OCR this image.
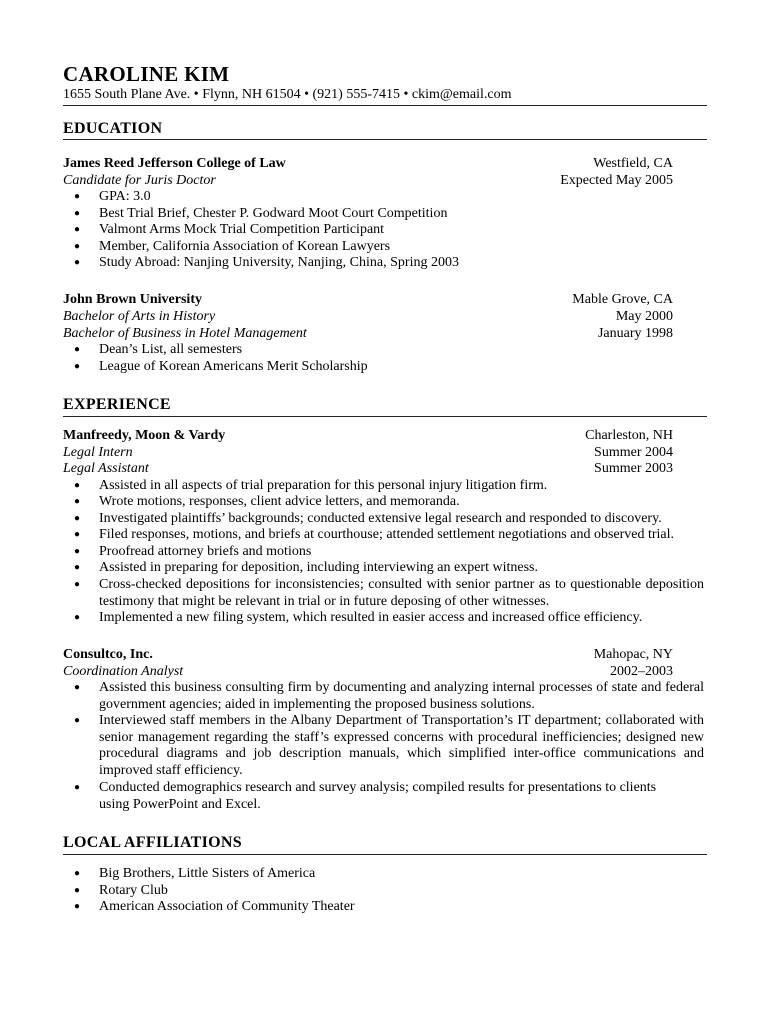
CAROLINE KIM
1655 South Plane Ave. • Flynn, NH 61504 • (921) 555-7415 • ckim@email.com
EDUCATION
James Reed Jefferson College of Law	Westfield, CA
Candidate for Juris Doctor	Expected May 2005
● GPA: 3.0
● Best Trial Brief, Chester P. Godward Moot Court Competition
● Valmont Arms Mock Trial Competition Participant
● Member, California Association of Korean Lawyers
● Study Abroad: Nanjing University, Nanjing, China, Spring 2003
John Brown University	Mable Grove, CA
Bachelor of Arts in History	May 2000
Bachelor of Business in Hotel Management	January 1998
● Dean’s List, all semesters
● League of Korean Americans Merit Scholarship
EXPERIENCE
Manfreedy, Moon & Vardy	Charleston, NH
Legal Intern	Summer 2004
Legal Assistant	Summer 2003
● Assisted in all aspects of trial preparation for this personal injury litigation firm.
● Wrote motions, responses, client advice letters, and memoranda.
● Investigated plaintiffs’ backgrounds; conducted extensive legal research and responded to discovery.
● Filed responses, motions, and briefs at courthouse; attended settlement negotiations and observed trial.
● Proofread attorney briefs and motions
● Assisted in preparing for deposition, including interviewing an expert witness.
● Cross-checked depositions for inconsistencies; consulted with senior partner as to questionable deposition testimony that might be relevant in trial or in future deposing of other witnesses.
● Implemented a new filing system, which resulted in easier access and increased office efficiency.
Consultco, Inc.	Mahopac, NY
Coordination Analyst	2002–2003
● Assisted this business consulting firm by documenting and analyzing internal processes of state and federal government agencies; aided in implementing the proposed business solutions.
● Interviewed staff members in the Albany Department of Transportation’s IT department; collaborated with senior management regarding the staff’s expressed concerns with procedural inefficiencies; designed new procedural diagrams and job description manuals, which simplified inter-office communications and improved staff efficiency.
● Conducted demographics research and survey analysis; compiled results for presentations to clients using PowerPoint and Excel.
LOCAL AFFILIATIONS
● Big Brothers, Little Sisters of America
● Rotary Club
● American Association of Community Theater
